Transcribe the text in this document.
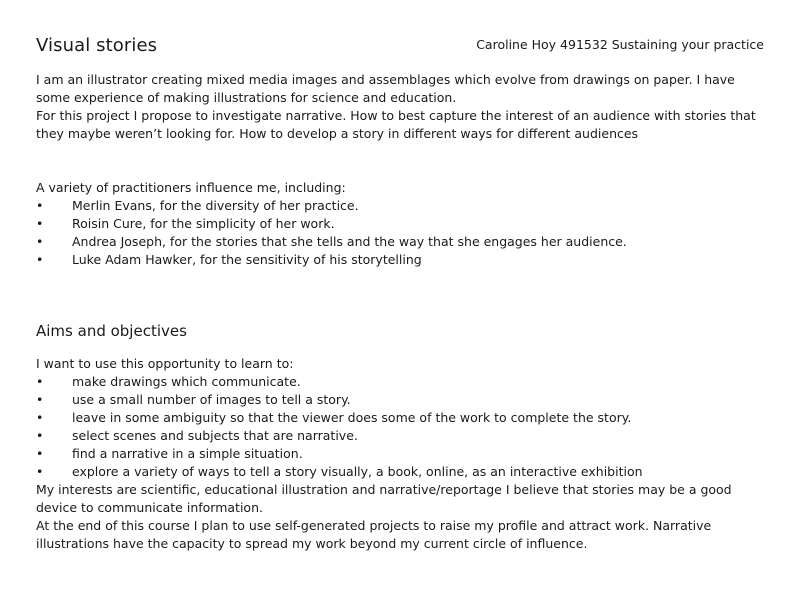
Visual stories	Caroline Hoy 491532 Sustaining your practice

I am an illustrator creating mixed media images and assemblages which evolve from drawings on paper. I have some experience of making illustrations for science and education.

For this project I propose to investigate narrative. How to best capture the interest of an audience with stories that they maybe weren’t looking for. How to develop a story in different ways for different audiences

A variety of practitioners influence me, including:

• Merlin Evans, for the diversity of her practice.
• Roisin Cure, for the simplicity of her work.
• Andrea Joseph, for the stories that she tells and the way that she engages her audience.
• Luke Adam Hawker, for the sensitivity of his storytelling
Aims and objectives

I want to use this opportunity to learn to:

• make drawings which communicate.
• use a small number of images to tell a story.
• leave in some ambiguity so that the viewer does some of the work to complete the story.
• select scenes and subjects that are narrative.
• find a narrative in a simple situation.
• explore a variety of ways to tell a story visually, a book, online, as an interactive exhibition

My interests are scientific, educational illustration and narrative/reportage I believe that stories may be a good device to communicate information.

At the end of this course I plan to use self-generated projects to raise my profile and attract work. Narrative illustrations have the capacity to spread my work beyond my current circle of influence.
